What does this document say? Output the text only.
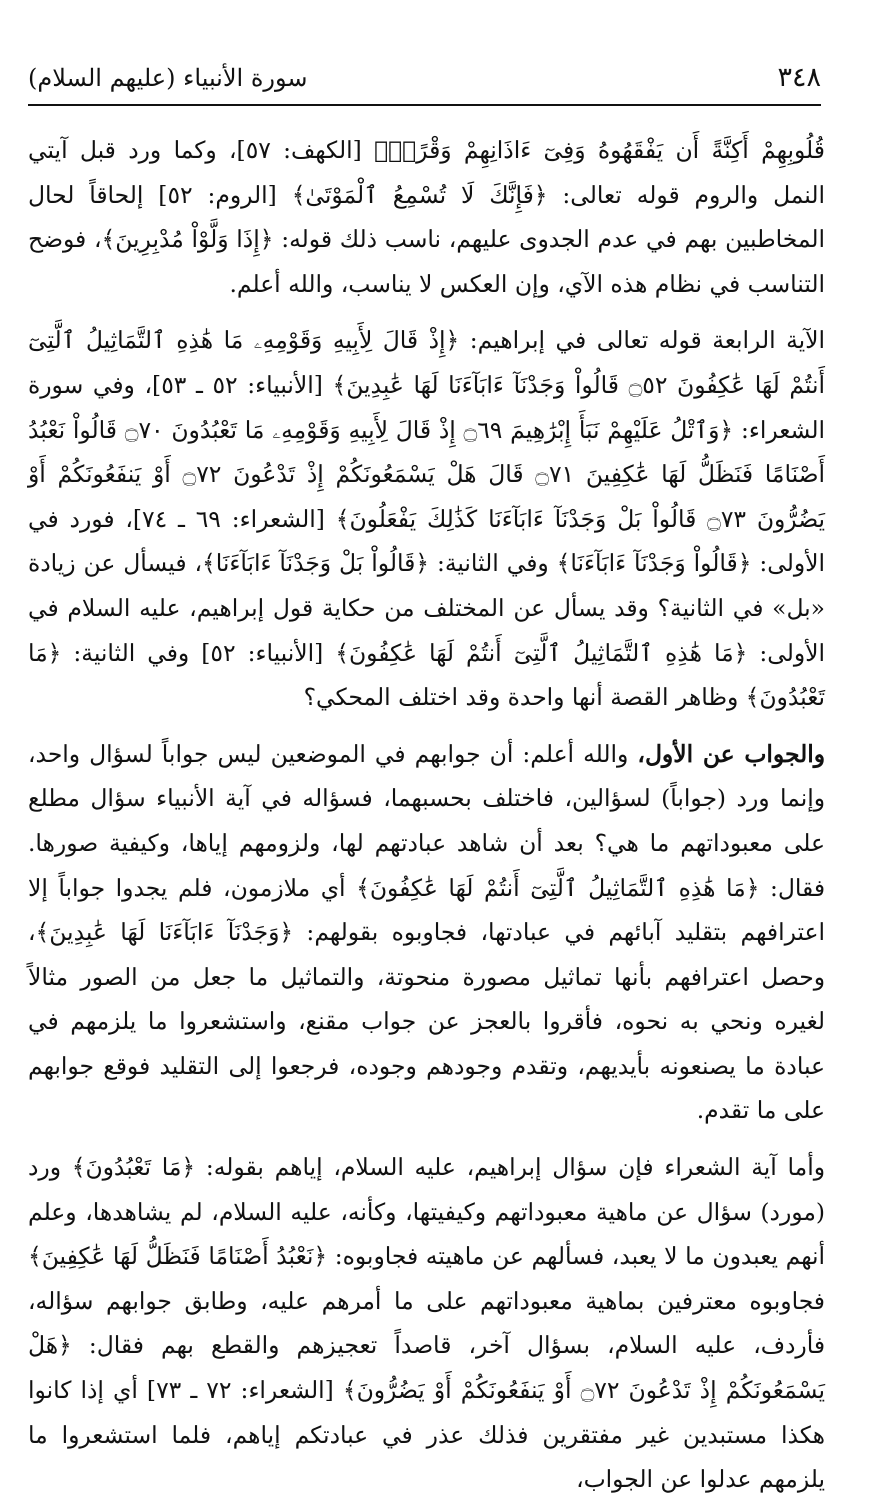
٣٤٨
سورة الأنبياء (عليهم السلام)

قُلُوبِهِمْ أَكِنَّةً أَن يَفْقَهُوهُ وَفِىٓ ءَاذَانِهِمْ وَقْرًاۚ﴾ [الكهف: ٥٧]، وكما ورد قبل آيتي النمل والروم قوله تعالى: ﴿فَإِنَّكَ لَا تُسْمِعُ ٱلْمَوْتَىٰ﴾ [الروم: ٥٢] إلحاقاً لحال المخاطبين بهم في عدم الجدوى عليهم، ناسب ذلك قوله: ﴿إِذَا وَلَّوْاْ مُدْبِرِينَ﴾، فوضح التناسب في نظام هذه الآي، وإن العكس لا يناسب، والله أعلم.

الآية الرابعة قوله تعالى في إبراهيم: ﴿إِذْ قَالَ لِأَبِيهِ وَقَوْمِهِۦ مَا هَٰذِهِ ٱلتَّمَاثِيلُ ٱلَّتِىٓ أَنتُمْ لَهَا عَٰكِفُونَ ۝٥٢ قَالُواْ وَجَدْنَآ ءَابَآءَنَا لَهَا عَٰبِدِينَ﴾ [الأنبياء: ٥٢ ـ ٥٣]، وفي سورة الشعراء: ﴿وَٱتْلُ عَلَيْهِمْ نَبَأَ إِبْرَٰهِيمَ ۝٦٩ إِذْ قَالَ لِأَبِيهِ وَقَوْمِهِۦ مَا تَعْبُدُونَ ۝٧٠ قَالُواْ نَعْبُدُ أَصْنَامًا فَنَظَلُّ لَهَا عَٰكِفِينَ ۝٧١ قَالَ هَلْ يَسْمَعُونَكُمْ إِذْ تَدْعُونَ ۝٧٢ أَوْ يَنفَعُونَكُمْ أَوْ يَضُرُّونَ ۝٧٣ قَالُواْ بَلْ وَجَدْنَآ ءَابَآءَنَا كَذَٰلِكَ يَفْعَلُونَ﴾ [الشعراء: ٦٩ ـ ٧٤]، فورد في الأولى: ﴿قَالُواْ وَجَدْنَآ ءَابَآءَنَا﴾ وفي الثانية: ﴿قَالُواْ بَلْ وَجَدْنَآ ءَابَآءَنَا﴾، فيسأل عن زيادة «بل» في الثانية؟ وقد يسأل عن المختلف من حكاية قول إبراهيم، عليه السلام في الأولى: ﴿مَا هَٰذِهِ ٱلتَّمَاثِيلُ ٱلَّتِىٓ أَنتُمْ لَهَا عَٰكِفُونَ﴾ [الأنبياء: ٥٢] وفي الثانية: ﴿مَا تَعْبُدُونَ﴾ وظاهر القصة أنها واحدة وقد اختلف المحكي؟

والجواب عن الأول، والله أعلم: أن جوابهم في الموضعين ليس جواباً لسؤال واحد، وإنما ورد (جواباً) لسؤالين، فاختلف بحسبهما، فسؤاله في آية الأنبياء سؤال مطلع على معبوداتهم ما هي؟ بعد أن شاهد عبادتهم لها، ولزومهم إياها، وكيفية صورها. فقال: ﴿مَا هَٰذِهِ ٱلتَّمَاثِيلُ ٱلَّتِىٓ أَنتُمْ لَهَا عَٰكِفُونَ﴾ أي ملازمون، فلم يجدوا جواباً إلا اعترافهم بتقليد آبائهم في عبادتها، فجاوبوه بقولهم: ﴿وَجَدْنَآ ءَابَآءَنَا لَهَا عَٰبِدِينَ﴾، وحصل اعترافهم بأنها تماثيل مصورة منحوتة، والتماثيل ما جعل من الصور مثالاً لغيره ونحي به نحوه، فأقروا بالعجز عن جواب مقنع، واستشعروا ما يلزمهم في عبادة ما يصنعونه بأيديهم، وتقدم وجودهم وجوده، فرجعوا إلى التقليد فوقع جوابهم على ما تقدم.

وأما آية الشعراء فإن سؤال إبراهيم، عليه السلام، إياهم بقوله: ﴿مَا تَعْبُدُونَ﴾ ورد (مورد) سؤال عن ماهية معبوداتهم وكيفيتها، وكأنه، عليه السلام، لم يشاهدها، وعلم أنهم يعبدون ما لا يعبد، فسألهم عن ماهيته فجاوبوه: ﴿نَعْبُدُ أَصْنَامًا فَنَظَلُّ لَهَا عَٰكِفِينَ﴾ فجاوبوه معترفين بماهية معبوداتهم على ما أمرهم عليه، وطابق جوابهم سؤاله، فأردف، عليه السلام، بسؤال آخر، قاصداً تعجيزهم والقطع بهم فقال: ﴿هَلْ يَسْمَعُونَكُمْ إِذْ تَدْعُونَ ۝٧٢ أَوْ يَنفَعُونَكُمْ أَوْ يَضُرُّونَ﴾ [الشعراء: ٧٢ ـ ٧٣] أي إذا كانوا هكذا مستبدين غير مفتقرين فذلك عذر في عبادتكم إياهم، فلما استشعروا ما يلزمهم عدلوا عن الجواب،
